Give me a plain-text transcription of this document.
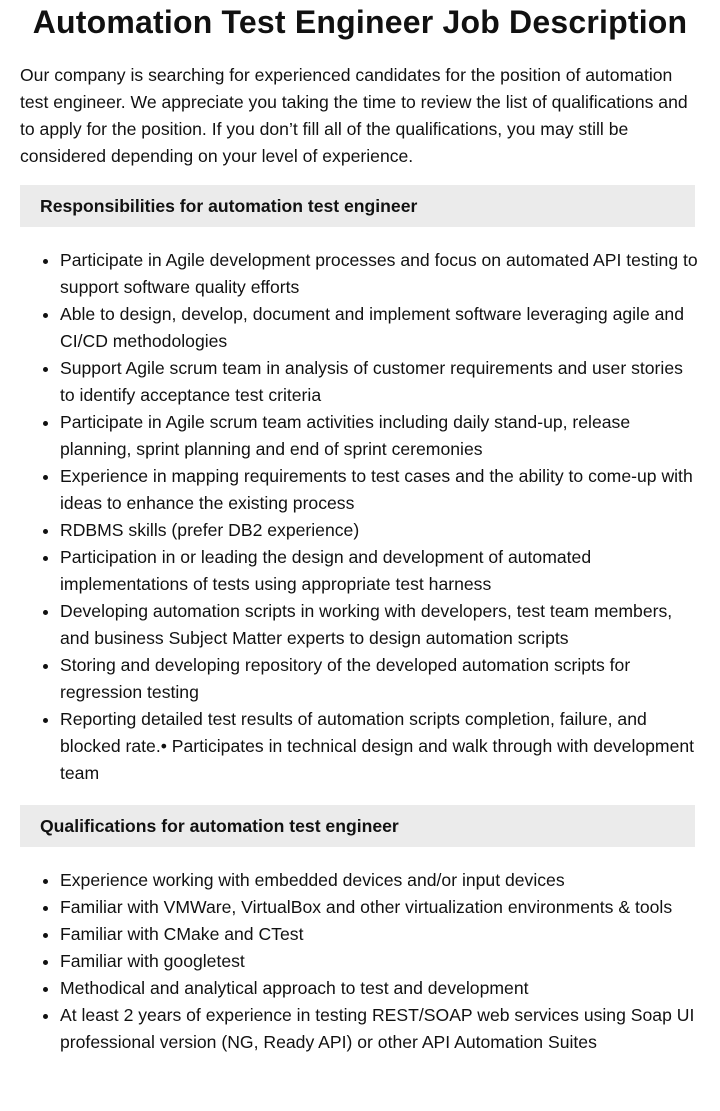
Automation Test Engineer Job Description

Our company is searching for experienced candidates for the position of automation test engineer. We appreciate you taking the time to review the list of qualifications and to apply for the position. If you don’t fill all of the qualifications, you may still be considered depending on your level of experience.

Responsibilities for automation test engineer
• Participate in Agile development processes and focus on automated API testing to support software quality efforts
• Able to design, develop, document and implement software leveraging agile and CI/CD methodologies
• Support Agile scrum team in analysis of customer requirements and user stories to identify acceptance test criteria
• Participate in Agile scrum team activities including daily stand-up, release planning, sprint planning and end of sprint ceremonies
• Experience in mapping requirements to test cases and the ability to come-up with ideas to enhance the existing process
• RDBMS skills (prefer DB2 experience)
• Participation in or leading the design and development of automated implementations of tests using appropriate test harness
• Developing automation scripts in working with developers, test team members, and business Subject Matter experts to design automation scripts
• Storing and developing repository of the developed automation scripts for regression testing
• Reporting detailed test results of automation scripts completion, failure, and blocked rate.• Participates in technical design and walk through with development team
Qualifications for automation test engineer
• Experience working with embedded devices and/or input devices
• Familiar with VMWare, VirtualBox and other virtualization environments & tools
• Familiar with CMake and CTest
• Familiar with googletest
• Methodical and analytical approach to test and development
• At least 2 years of experience in testing REST/SOAP web services using Soap UI professional version (NG, Ready API) or other API Automation Suites
